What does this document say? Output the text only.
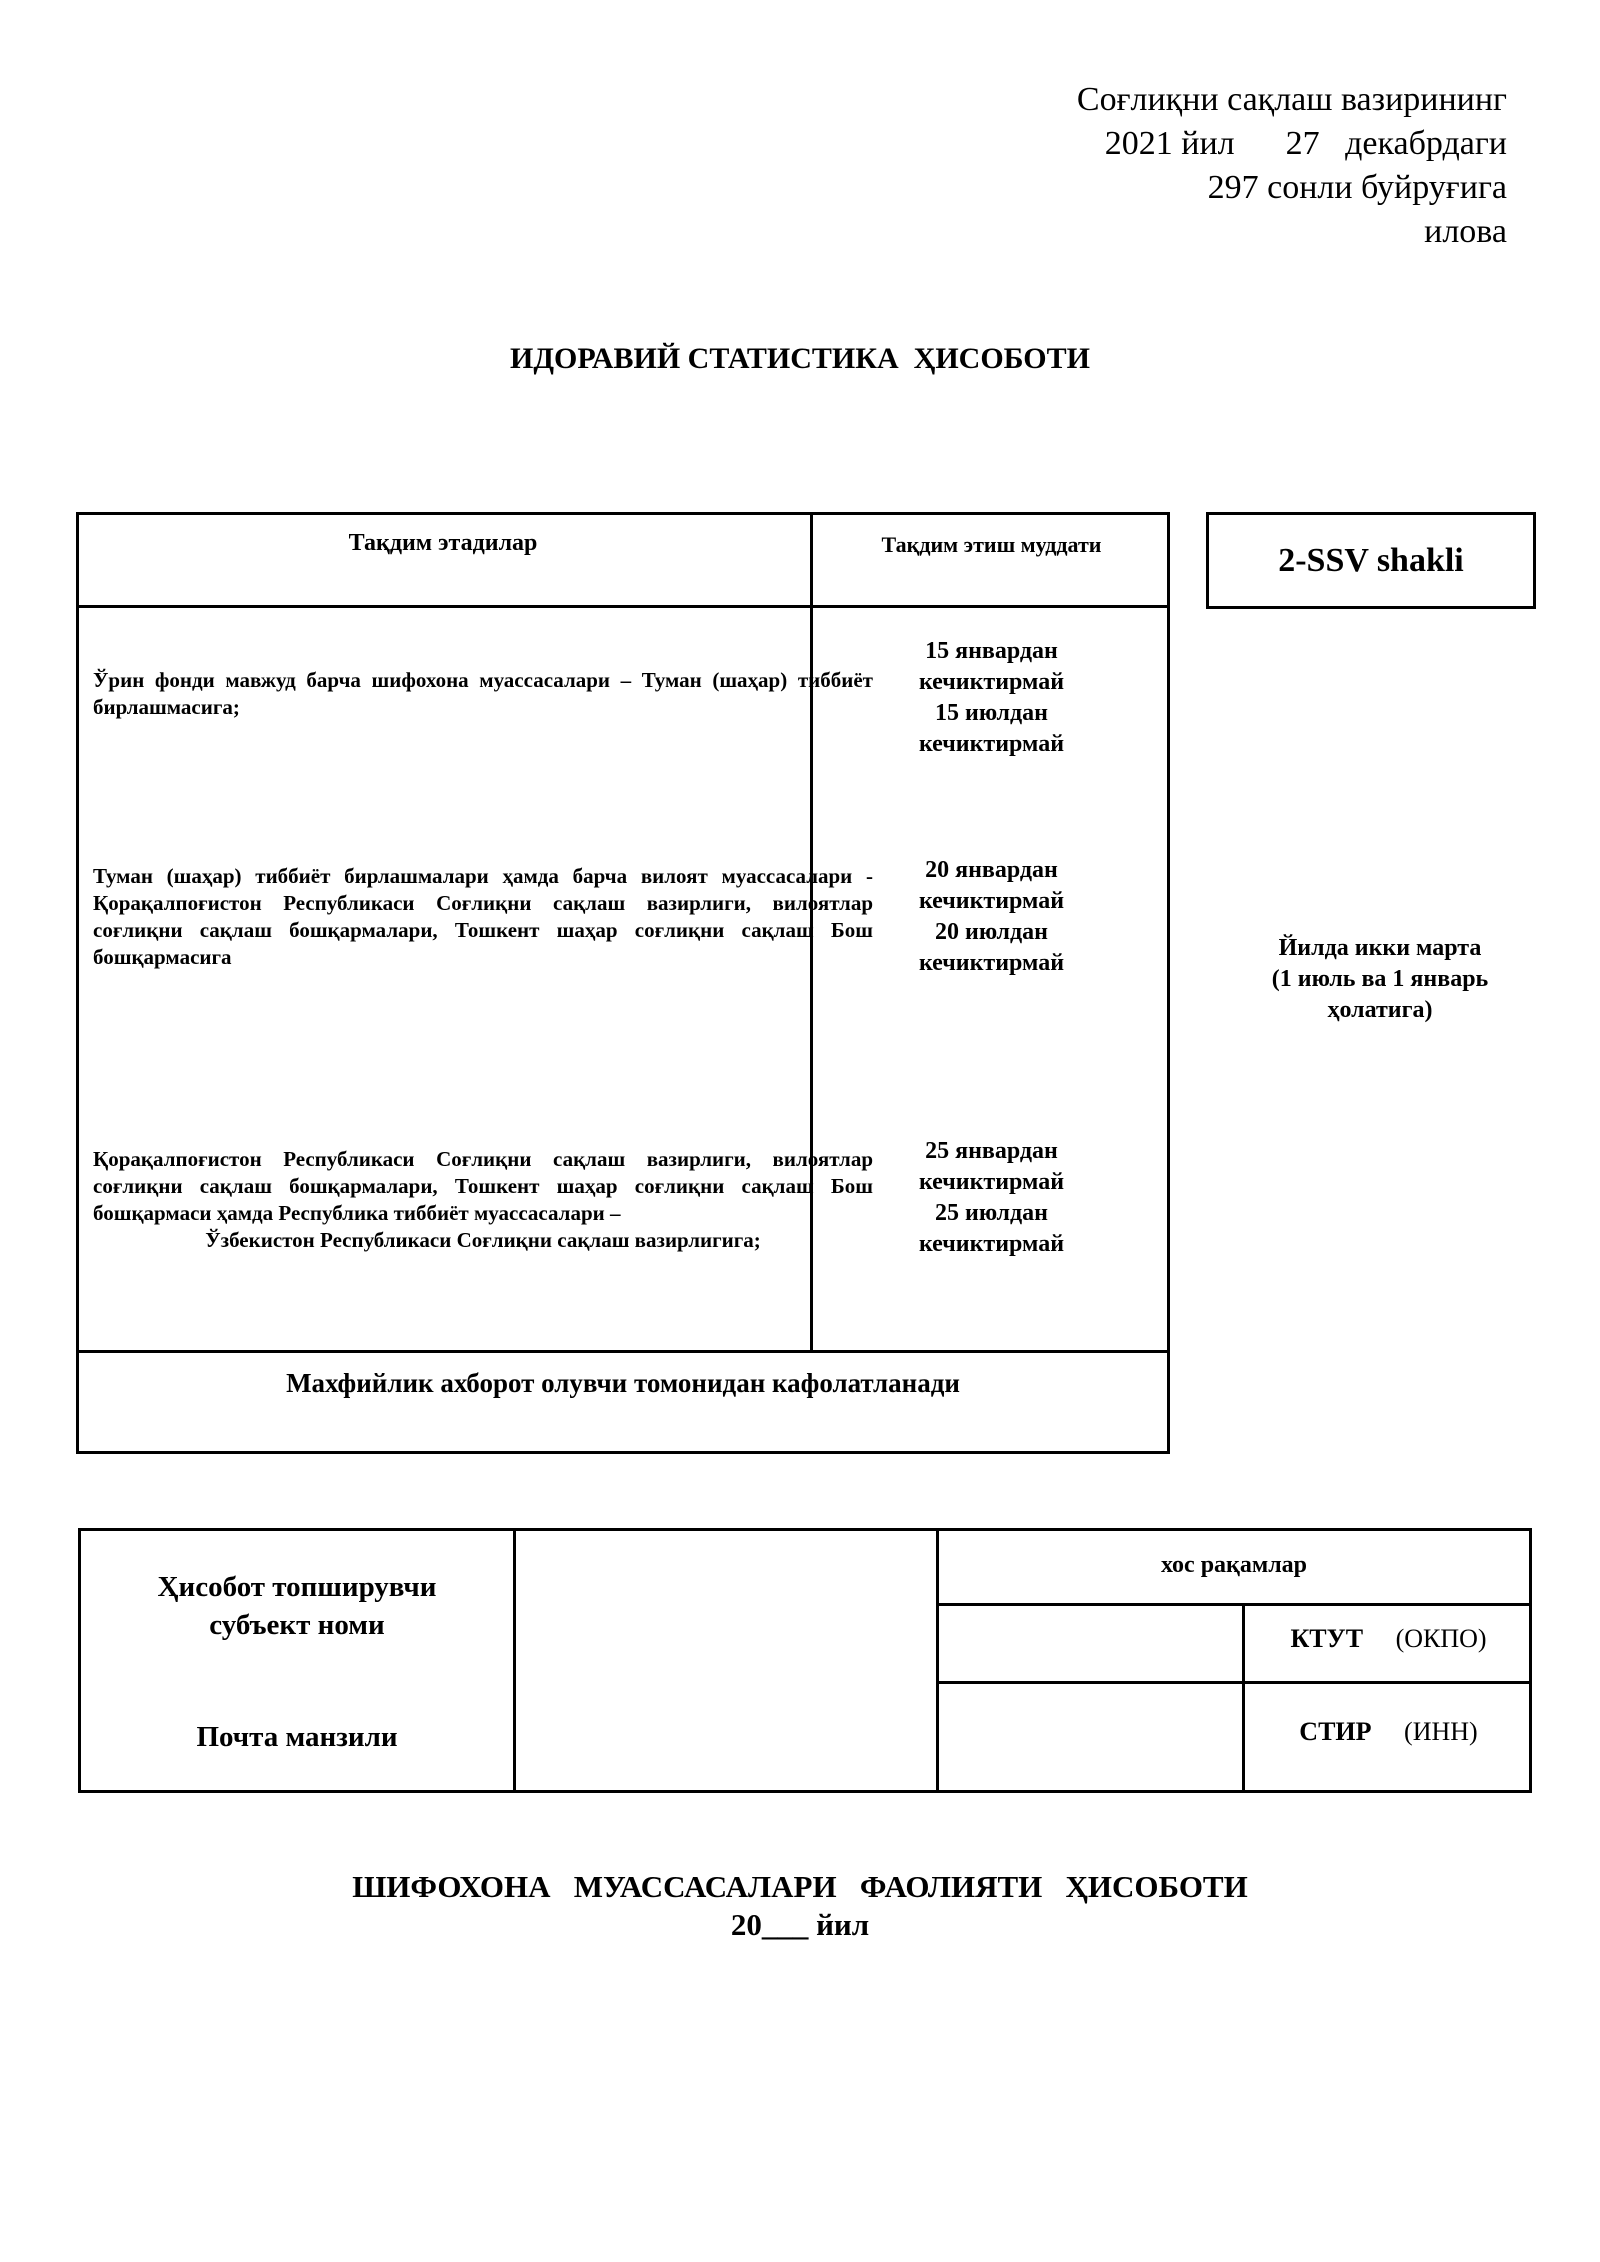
Соғлиқни сақлаш вазирининг
2021 йил      27   декабрдаги
297 сонли буйруғига
илова
ИДОРАВИЙ СТАТИСТИКА  ҲИСОБОТИ
Тақдим этадилар	Тақдим этиш муддати
Ўрин фонди мавжуд барча шифохона муассасалари – Туман (шаҳар) тиббиёт бирлашмасига;
15 январдан
кечиктирмай
15 июлдан
кечиктирмай
Туман (шаҳар) тиббиёт бирлашмалари ҳамда барча вилоят муассасалари - Қорақалпоғистон Республикаси Соғлиқни сақлаш вазирлиги, вилоятлар соғлиқни сақлаш бошқармалари, Тошкент шаҳар соғлиқни сақлаш Бош бошқармасига
20 январдан
кечиктирмай
20 июлдан
кечиктирмай
Қорақалпоғистон Республикаси Соғлиқни сақлаш вазирлиги, вилоятлар соғлиқни сақлаш бошқармалари, Тошкент шаҳар соғлиқни сақлаш Бош бошқармаси ҳамда Республика тиббиёт муассасалари –
Ўзбекистон Республикаси Соғлиқни сақлаш вазирлигига;
25 январдан
кечиктирмай
25 июлдан
кечиктирмай
Махфийлик ахборот олувчи томонидан кафолатланади
2-SSV shakli
Йилда икки марта
(1 июль ва 1 январь
ҳолатига)
Ҳисобот топширувчи
субъект номи
Почта манзили
хос рақамлар
КТУТ (ОКПО)
СТИР (ИНН)
ШИФОХОНА   МУАССАСАЛАРИ   ФАОЛИЯТИ   ҲИСОБОТИ
20___ йил
